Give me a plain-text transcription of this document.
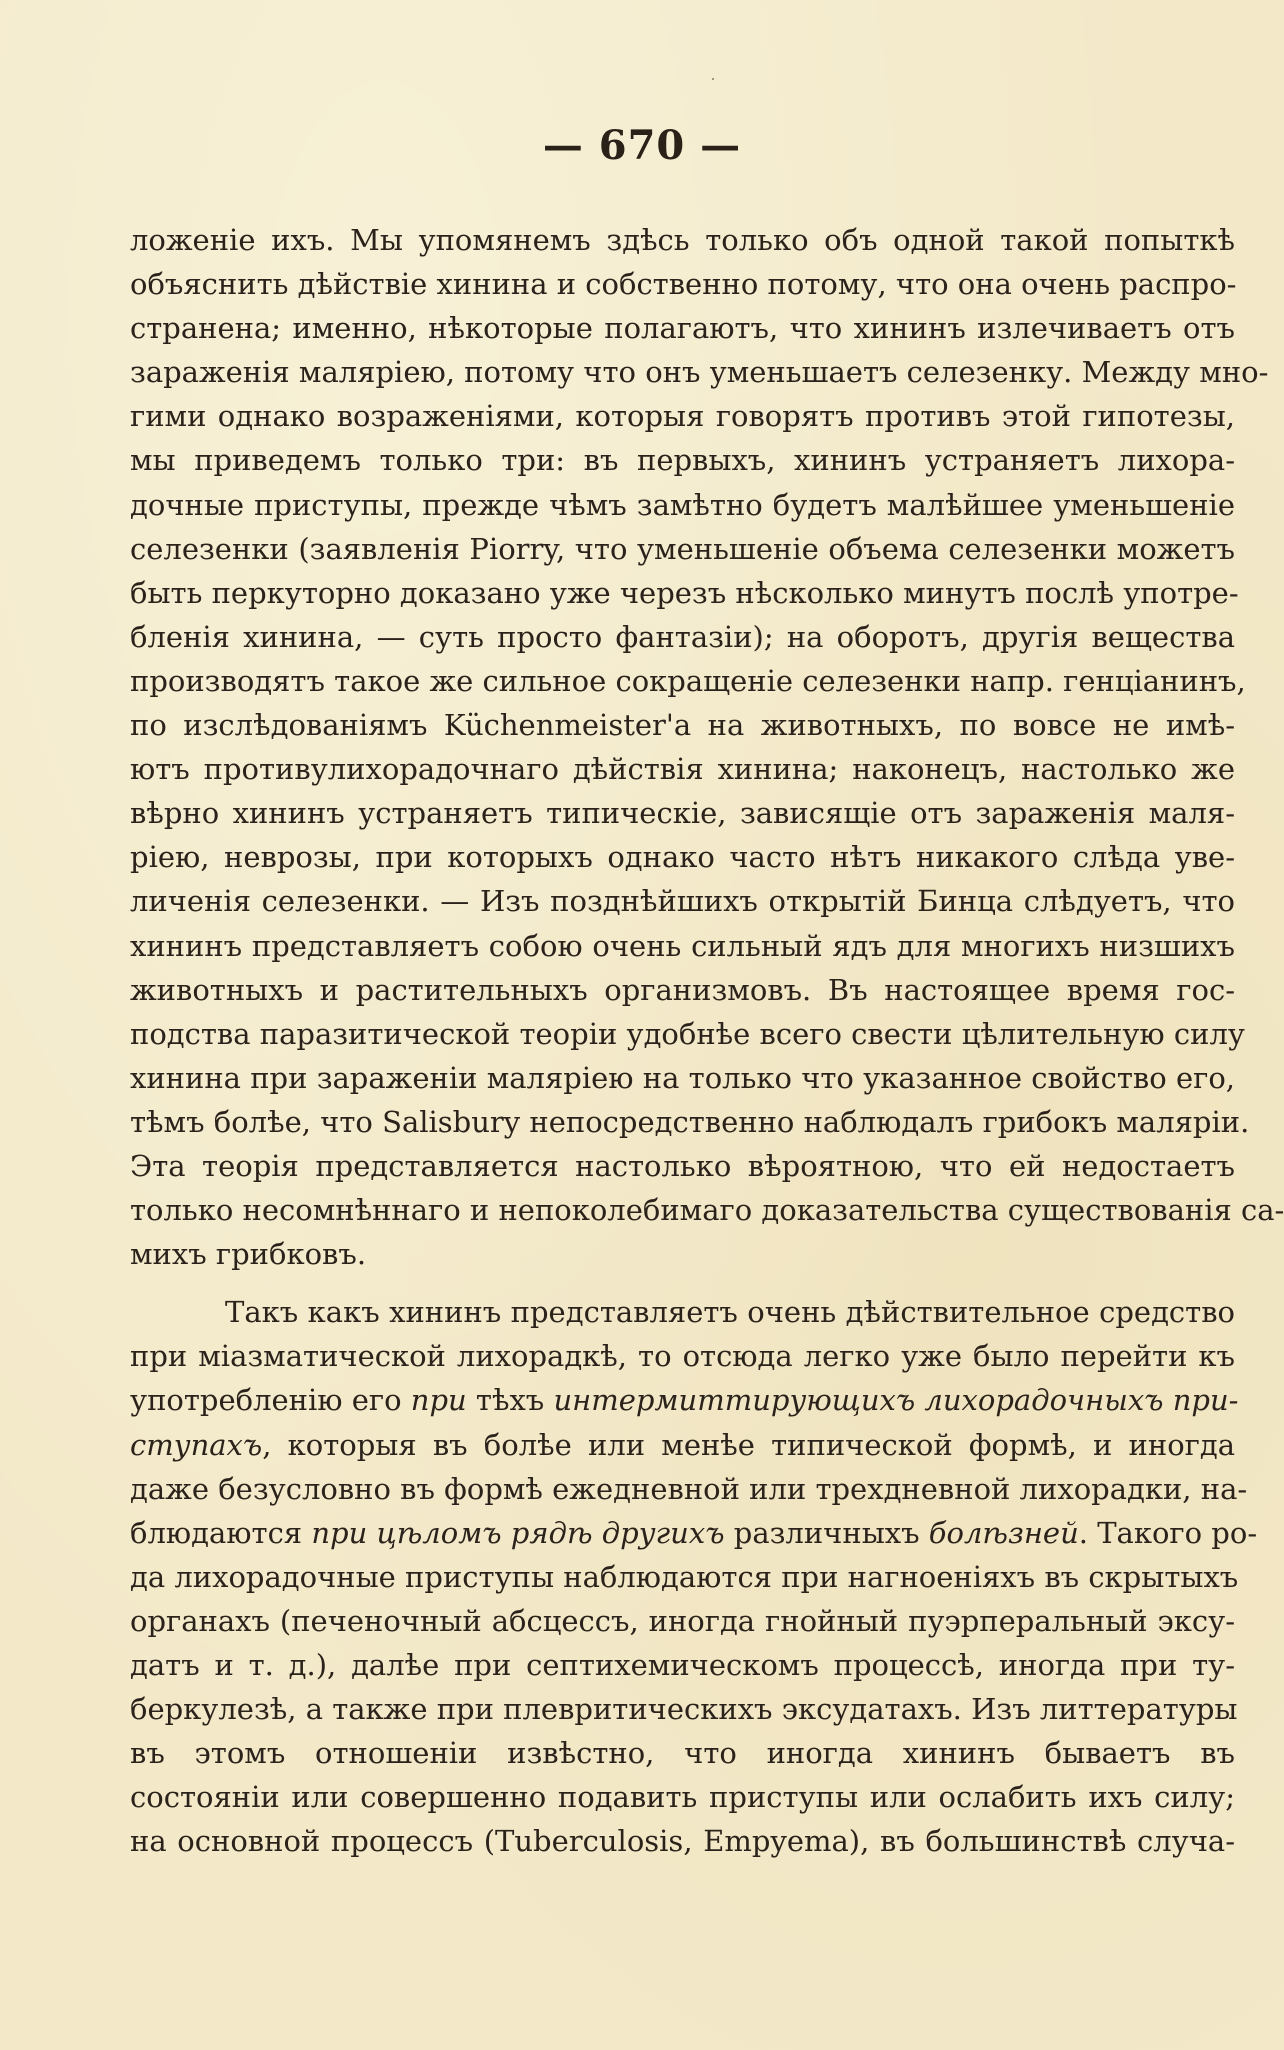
— 670 —
ложеніе ихъ. Мы упомянемъ здѣсь только объ одной такой попыткѣ
объяснить дѣйствіе хинина и собственно потому, что она очень распро-
странена; именно, нѣкоторые полагаютъ, что хининъ излечиваетъ отъ
зараженія маляріею, потому что онъ уменьшаетъ селезенку. Между мно-
гими однако возраженіями, которыя говорятъ противъ этой гипотезы,
мы приведемъ только три: въ первыхъ, хининъ устраняетъ лихора-
дочные приступы, прежде чѣмъ замѣтно будетъ малѣйшее уменьшеніе
селезенки (заявленія Piorry, что уменьшеніе объема селезенки можетъ
быть перкуторно доказано уже черезъ нѣсколько минутъ послѣ употре-
бленія хинина, — суть просто фантазіи); на оборотъ, другія вещества
производятъ такое же сильное сокращеніе селезенки напр. генціанинъ,
по изслѣдованіямъ Küchenmeister'а на животныхъ, по вовсе не имѣ-
ютъ противулихорадочнаго дѣйствія хинина; наконецъ, настолько же
вѣрно хининъ устраняетъ типическіе, зависящіе отъ зараженія маля-
ріею, неврозы, при которыхъ однако часто нѣтъ никакого слѣда уве-
личенія селезенки. — Изъ позднѣйшихъ открытій Бинца слѣдуетъ, что
хининъ представляетъ собою очень сильный ядъ для многихъ низшихъ
животныхъ и растительныхъ организмовъ. Въ настоящее время гос-
подства паразитической теоріи удобнѣе всего свести цѣлительную силу
хинина при зараженіи маляріею на только что указанное свойство его,
тѣмъ болѣе, что Salisbury непосредственно наблюдалъ грибокъ маляріи.
Эта теорія представляется настолько вѣроятною, что ей недостаетъ
только несомнѣннаго и непоколебимаго доказательства существованія са-
михъ грибковъ.
Такъ какъ хининъ представляетъ очень дѣйствительное средство
при міазматической лихорадкѣ, то отсюда легко уже было перейти къ
употребленію его при тѣхъ интермиттирующихъ лихорадочныхъ при-
ступахъ, которыя въ болѣе или менѣе типической формѣ, и иногда
даже безусловно въ формѣ ежедневной или трехдневной лихорадки, на-
блюдаются при цѣломъ рядѣ другихъ различныхъ болѣзней. Такого ро-
да лихорадочные приступы наблюдаются при нагноеніяхъ въ скрытыхъ
органахъ (печеночный абсцессъ, иногда гнойный пуэрперальный эксу-
датъ и т. д.), далѣе при септихемическомъ процессѣ, иногда при ту-
беркулезѣ, а также при плевритическихъ эксудатахъ. Изъ литтературы
въ этомъ отношеніи извѣстно, что иногда хининъ бываетъ въ
состояніи или совершенно подавить приступы или ослабить ихъ силу;
на основной процессъ (Tuberculosis, Empyema), въ большинствѣ случа-
